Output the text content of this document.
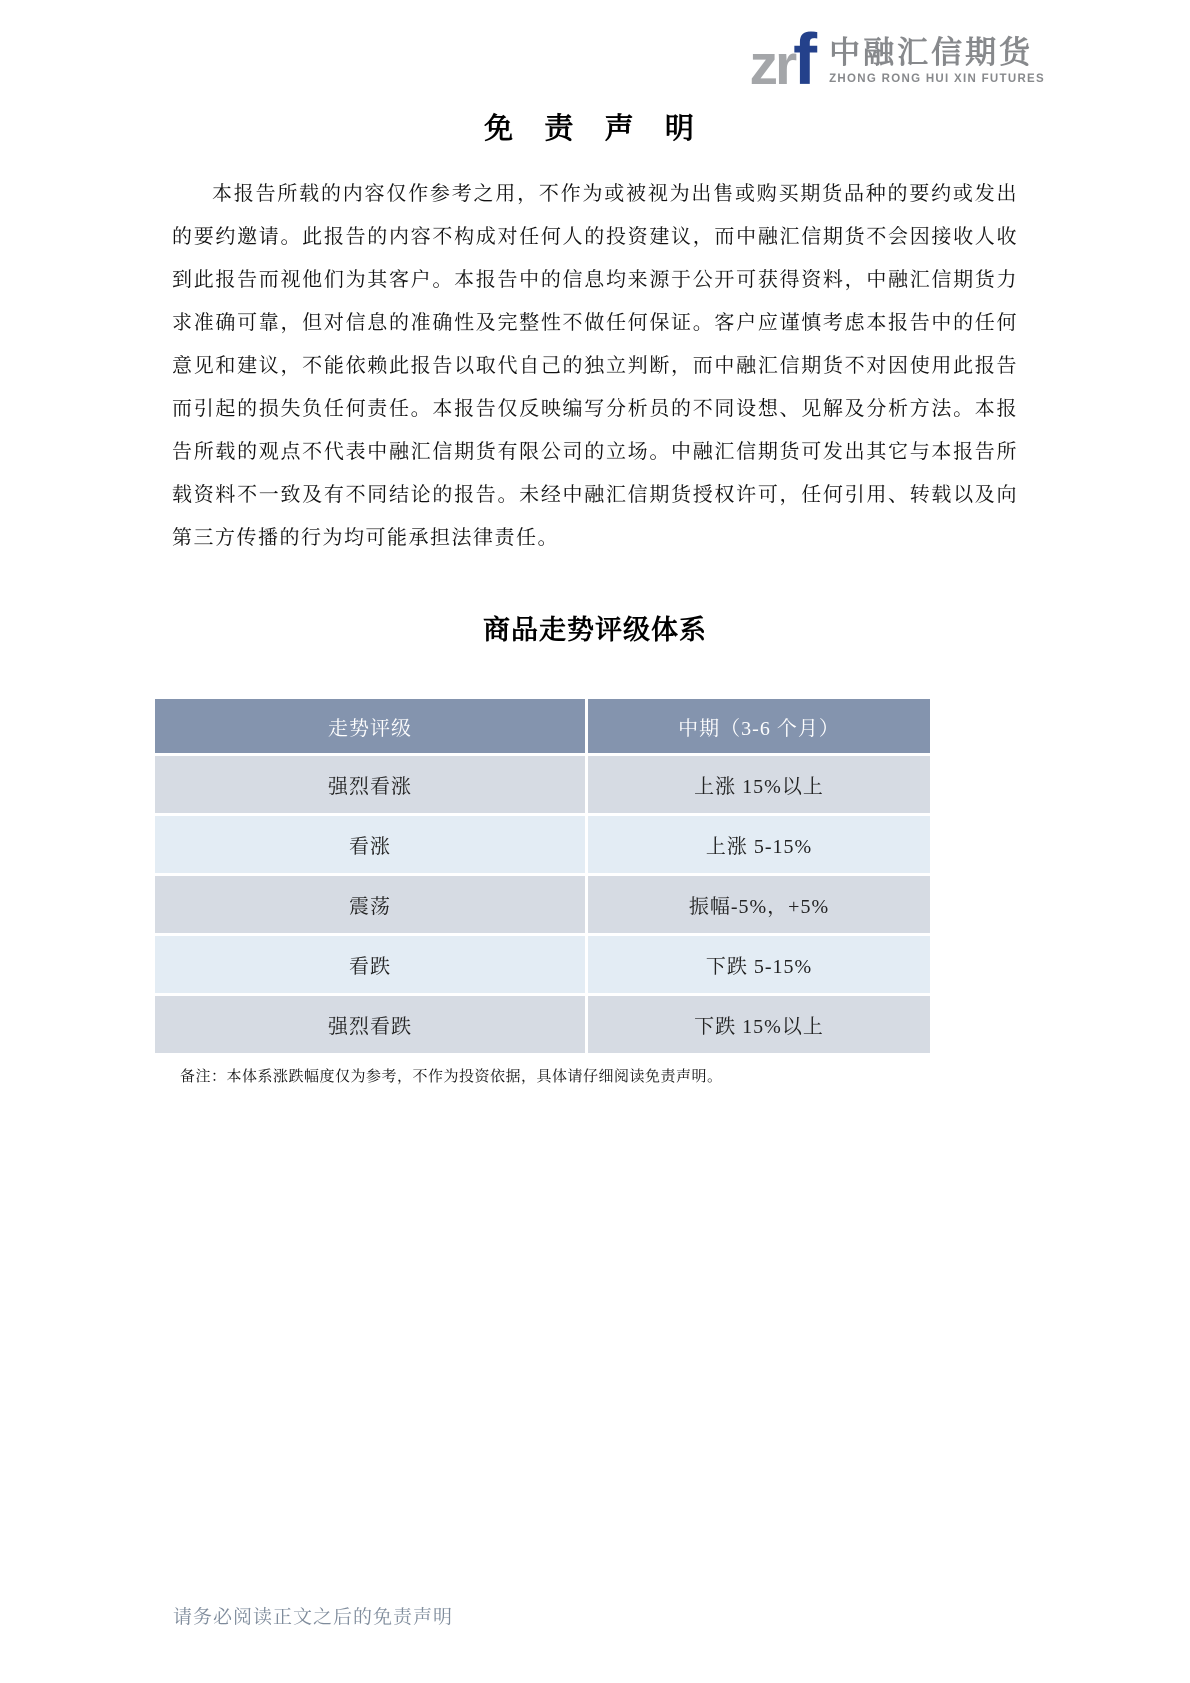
zr f 中融汇信期货
ZHONG RONG HUI XIN FUTURES
免 责 声 明

本报告所载的内容仅作参考之用，不作为或被视为出售或购买期货品种的要约或发出的要约邀请。此报告的内容不构成对任何人的投资建议，而中融汇信期货不会因接收人收到此报告而视他们为其客户。本报告中的信息均来源于公开可获得资料，中融汇信期货力求准确可靠，但对信息的准确性及完整性不做任何保证。客户应谨慎考虑本报告中的任何意见和建议，不能依赖此报告以取代自己的独立判断，而中融汇信期货不对因使用此报告而引起的损失负任何责任。本报告仅反映编写分析员的不同设想、见解及分析方法。本报告所载的观点不代表中融汇信期货有限公司的立场。中融汇信期货可发出其它与本报告所载资料不一致及有不同结论的报告。未经中融汇信期货授权许可，任何引用、转载以及向第三方传播的行为均可能承担法律责任。

商品走势评级体系
走势评级	中期（3-6 个月）
强烈看涨	上涨 15%以上
看涨	上涨 5-15%
震荡	振幅-5%，+5%
看跌	下跌 5-15%
强烈看跌	下跌 15%以上
备注：本体系涨跌幅度仅为参考，不作为投资依据，具体请仔细阅读免责声明。
请务必阅读正文之后的免责声明
